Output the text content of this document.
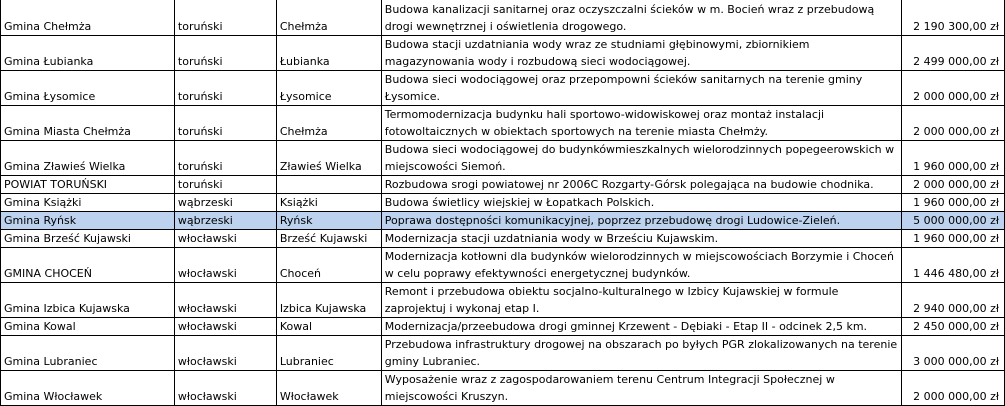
Gmina Chełmża	toruński	Chełmża	Budowa kanalizacji sanitarnej oraz oczyszczalni ścieków w m. Bocień wraz z przebudową drogi wewnętrznej i oświetlenia drogowego.	2 190 300,00 zł
Gmina Łubianka	toruński	Łubianka	Budowa stacji uzdatniania wody wraz ze studniami głębinowymi, zbiornikiem magazynowania wody i rozbudową sieci wodociągowej.	2 499 000,00 zł
Gmina Łysomice	toruński	Łysomice	Budowa sieci wodociągowej oraz przepompowni ścieków sanitarnych na terenie gminy Łysomice.	2 000 000,00 zł
Gmina Miasta Chełmża	toruński	Chełmża	Termomodernizacja budynku hali sportowo-widowiskowej oraz montaż instalacji fotowoltaicznych w obiektach sportowych na terenie miasta Chełmży.	2 000 000,00 zł
Gmina Zławieś Wielka	toruński	Zławieś Wielka	Budowa sieci wodociągowej do budynkówmieszkalnych wielorodzinnych popegeerowskich w miejscowości Siemoń.	1 960 000,00 zł
POWIAT TORUŃSKI	toruński		Rozbudowa srogi powiatowej nr 2006C Rozgarty-Górsk polegająca na budowie chodnika.	2 000 000,00 zł
Gmina Książki	wąbrzeski	Książki	Budowa świetlicy wiejskiej w Łopatkach Polskich.	1 960 000,00 zł
Gmina Ryńsk	wąbrzeski	Ryńsk	Poprawa dostępności komunikacyjnej, poprzez przebudowę drogi Ludowice-Zieleń.	5 000 000,00 zł
Gmina Brześć Kujawski	włocławski	Brześć Kujawski	Modernizacja stacji uzdatniania wody w Brześciu Kujawskim.	1 960 000,00 zł
GMINA CHOCEŃ	włocławski	Choceń	Modernizacja kotłowni dla budynków wielorodzinnych w miejscowościach Borzymie i Choceń w celu poprawy efektywności energetycznej budynków.	1 446 480,00 zł
Gmina Izbica Kujawska	włocławski	Izbica Kujawska	Remont i przebudowa obiektu socjalno-kulturalnego w Izbicy Kujawskiej w formule zaprojektuj i wykonaj etap I.	2 940 000,00 zł
Gmina Kowal	włocławski	Kowal	Modernizacja/przeebudowa drogi gminnej Krzewent - Dębiaki - Etap II - odcinek 2,5 km.	2 450 000,00 zł
Gmina Lubraniec	włocławski	Lubraniec	Przebudowa infrastruktury drogowej na obszarach po byłych PGR zlokalizowanych na terenie gminy Lubraniec.	3 000 000,00 zł
Gmina Włocławek	włocławski	Włocławek	Wyposażenie wraz z zagospodarowaniem terenu Centrum Integracji Społecznej w miejscowości Kruszyn.	2 000 000,00 zł
